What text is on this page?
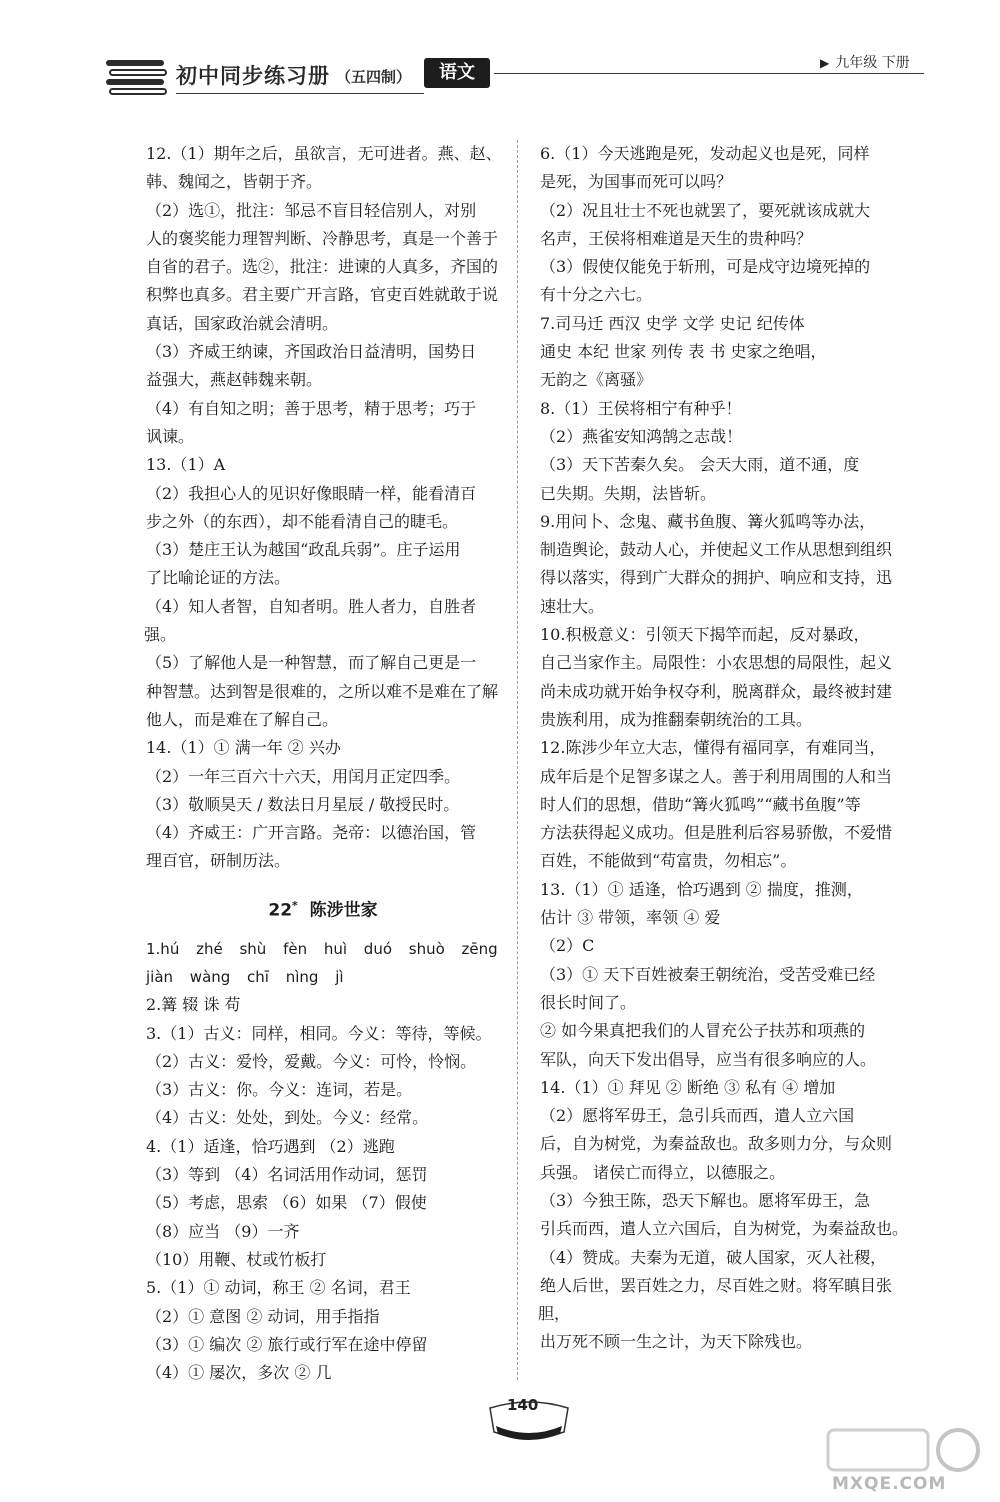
初中同步练习册 （五四制）	语文	▶ 九年级 下册

12.（1）期年之后，虽欲言，无可进者。燕、赵、

韩、魏闻之，皆朝于齐。

（2）选①，批注：邹忌不盲目轻信别人，对别

人的褒奖能力理智判断、冷静思考，真是一个善于

自省的君子。选②，批注：进谏的人真多，齐国的

积弊也真多。君主要广开言路，官吏百姓就敢于说

真话，国家政治就会清明。

（3）齐威王纳谏，齐国政治日益清明，国势日

益强大，燕赵韩魏来朝。

（4）有自知之明；善于思考，精于思考；巧于

讽谏。

13.（1）A

（2）我担心人的见识好像眼睛一样，能看清百

步之外（的东西），却不能看清自己的睫毛。

（3）楚庄王认为越国“政乱兵弱”。庄子运用

了比喻论证的方法。

（4）知人者智，自知者明。胜人者力，自胜者强。

（5）了解他人是一种智慧，而了解自己更是一

种智慧。达到智是很难的，之所以难不是难在了解

他人，而是难在了解自己。

14.（1）① 满一年 ② 兴办

（2）一年三百六十六天，用闰月正定四季。

（3）敬顺昊天 / 数法日月星辰 / 敬授民时。

（4）齐威王：广开言路。尧帝：以德治国，管

理百官，研制历法。

22* 陈涉世家

1.hú zhé shù fèn huì duó shuò zēng

jiàn wàng chī nìng jì

2.篝 辍 诛 苟

3.（1）古义：同样，相同。今义：等待，等候。

（2）古义：爱怜，爱戴。今义：可怜，怜悯。

（3）古义：你。今义：连词，若是。

（4）古义：处处，到处。今义：经常。

4.（1）适逢，恰巧遇到 （2）逃跑

（3）等到 （4）名词活用作动词，惩罚

（5）考虑，思索 （6）如果 （7）假使

（8）应当 （9）一齐

（10）用鞭、杖或竹板打

5.（1）① 动词，称王 ② 名词，君王

（2）① 意图 ② 动词，用手指指

（3）① 编次 ② 旅行或行军在途中停留

（4）① 屡次，多次 ② 几

6.（1）今天逃跑是死，发动起义也是死，同样

是死，为国事而死可以吗？

（2）况且壮士不死也就罢了，要死就该成就大

名声，王侯将相难道是天生的贵种吗？

（3）假使仅能免于斩刑，可是戍守边境死掉的

有十分之六七。

7.司马迁 西汉 史学 文学 史记 纪传体

通史 本纪 世家 列传 表 书 史家之绝唱，

无韵之《离骚》

8.（1）王侯将相宁有种乎！

（2）燕雀安知鸿鹄之志哉！

（3）天下苦秦久矣。 会天大雨，道不通，度

已失期。失期，法皆斩。

9.用问卜、念鬼、藏书鱼腹、篝火狐鸣等办法，

制造舆论，鼓动人心，并使起义工作从思想到组织

得以落实，得到广大群众的拥护、响应和支持，迅

速壮大。

10.积极意义：引领天下揭竿而起，反对暴政，

自己当家作主。局限性：小农思想的局限性，起义

尚未成功就开始争权夺利，脱离群众，最终被封建

贵族利用，成为推翻秦朝统治的工具。

12.陈涉少年立大志，懂得有福同享，有难同当，

成年后是个足智多谋之人。善于利用周围的人和当

时人们的思想，借助“篝火狐鸣”“藏书鱼腹”等

方法获得起义成功。但是胜利后容易骄傲，不爱惜

百姓，不能做到“苟富贵，勿相忘”。

13.（1）① 适逢，恰巧遇到 ② 揣度，推测，

估计 ③ 带领，率领 ④ 爱

（2）C

（3）① 天下百姓被秦王朝统治，受苦受难已经

很长时间了。

② 如今果真把我们的人冒充公子扶苏和项燕的

军队，向天下发出倡导，应当有很多响应的人。

14.（1）① 拜见 ② 断绝 ③ 私有 ④ 增加

（2）愿将军毋王，急引兵而西，遣人立六国

后，自为树党，为秦益敌也。敌多则力分，与众则

兵强。 诸侯亡而得立，以德服之。

（3）今独王陈，恐天下解也。愿将军毋王，急

引兵而西，遣人立六国后，自为树党，为秦益敌也。

（4）赞成。夫秦为无道，破人国家，灭人社稷，

绝人后世，罢百姓之力，尽百姓之财。将军瞋目张胆，

出万死不顾一生之计，为天下除残也。

140
MXQE.COM
